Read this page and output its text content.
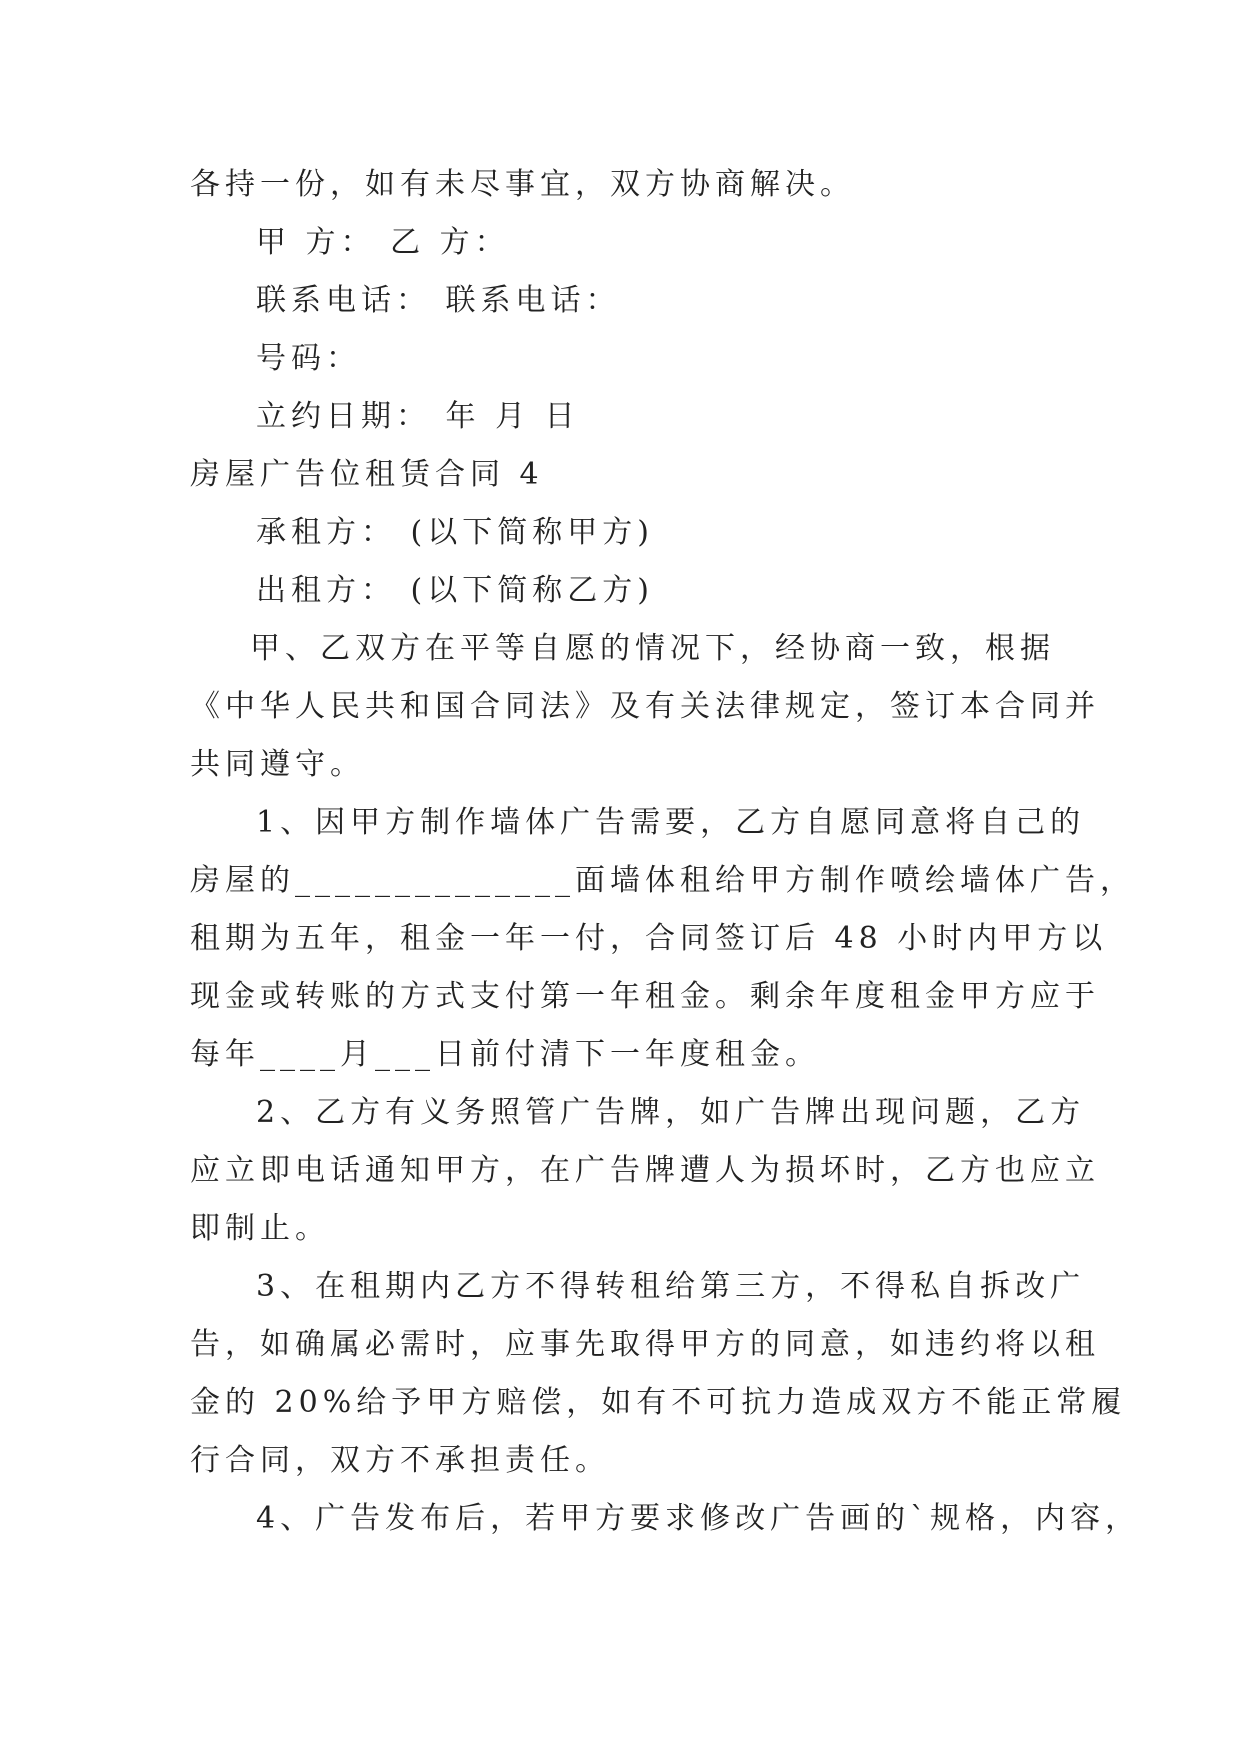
各持一份，如有未尽事宜，双方协商解决。

甲 方： 乙 方：

联系电话： 联系电话：

号码：

立约日期： 年 月 日

房屋广告位租赁合同 4

承租方： (以下简称甲方)

出租方： (以下简称乙方)

甲、乙双方在平等自愿的情况下，经协商一致，根据

《中华人民共和国合同法》及有关法律规定，签订本合同并

共同遵守。

1、因甲方制作墙体广告需要，乙方自愿同意将自己的

房屋的______________面墙体租给甲方制作喷绘墙体广告，

租期为五年，租金一年一付，合同签订后 48 小时内甲方以

现金或转账的方式支付第一年租金。剩余年度租金甲方应于

每年____月___日前付清下一年度租金。

2、乙方有义务照管广告牌，如广告牌出现问题，乙方

应立即电话通知甲方，在广告牌遭人为损坏时，乙方也应立

即制止。

3、在租期内乙方不得转租给第三方，不得私自拆改广

告，如确属必需时，应事先取得甲方的同意，如违约将以租

金的 20%给予甲方赔偿，如有不可抗力造成双方不能正常履

行合同，双方不承担责任。

4、广告发布后，若甲方要求修改广告画的`规格，内容，
